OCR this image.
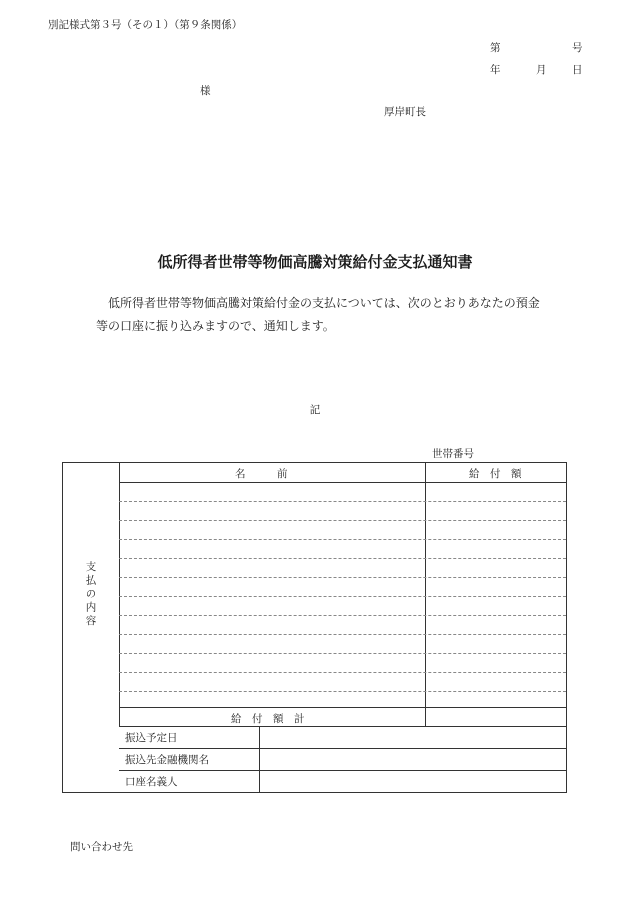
別記様式第３号（その１）（第９条関係）
第	号
年	月 日
様
厚岸町長
低所得者世帯等物価高騰対策給付金支払通知書
低所得者世帯等物価高騰対策給付金の支払については、次のとおりあなたの預金等の口座に振り込みますので、通知します。
記
世帯番号
支払の内容
名　　　前	給　付　額
給　付　額　計
振込予定日
振込先金融機関名
口座名義人
問い合わせ先
